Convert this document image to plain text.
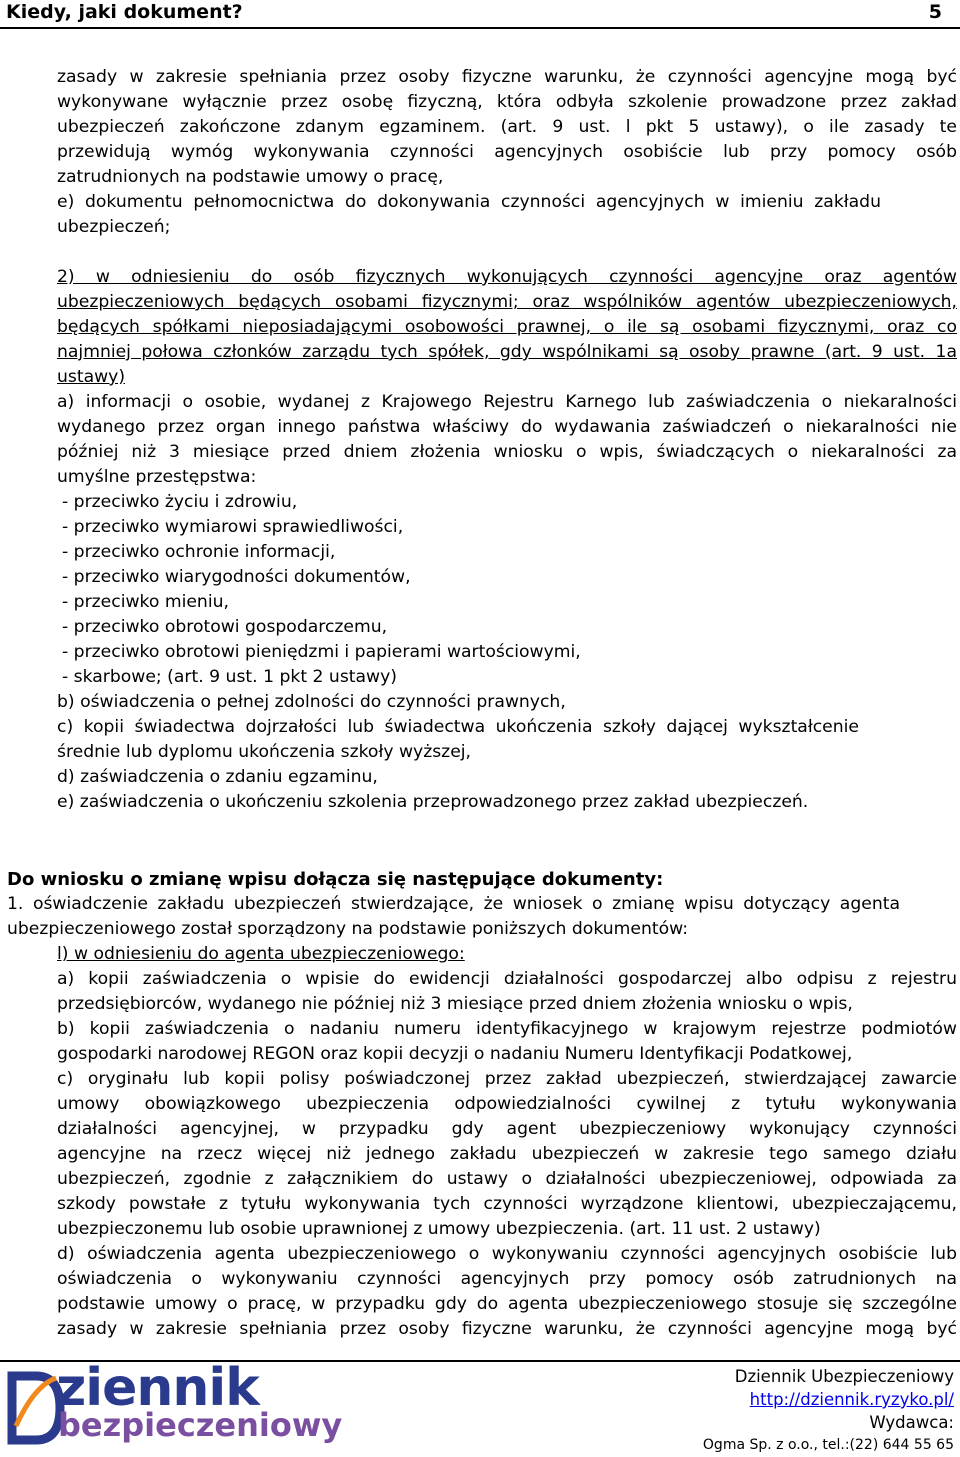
Kiedy, jaki dokument?	5
zasady w zakresie spełniania przez osoby fizyczne warunku, że czynności agencyjne mogą być
wykonywane wyłącznie przez osobę fizyczną, która odbyła szkolenie prowadzone przez zakład
ubezpieczeń zakończone zdanym egzaminem. (art. 9 ust. l pkt 5 ustawy), o ile zasady te
przewidują wymóg wykonywania czynności agencyjnych osobiście lub przy pomocy osób
zatrudnionych na podstawie umowy o pracę,
e) dokumentu pełnomocnictwa do dokonywania czynności agencyjnych w imieniu zakładu
ubezpieczeń;
2) w odniesieniu do osób fizycznych wykonujących czynności agencyjne oraz agentów
ubezpieczeniowych będących osobami fizycznymi; oraz wspólników agentów ubezpieczeniowych,
będących spółkami nieposiadającymi osobowości prawnej, o ile są osobami fizycznymi, oraz co
najmniej połowa członków zarządu tych spółek, gdy wspólnikami są osoby prawne (art. 9 ust. 1a
ustawy)
a) informacji o osobie, wydanej z Krajowego Rejestru Karnego lub zaświadczenia o niekaralności
wydanego przez organ innego państwa właściwy do wydawania zaświadczeń o niekaralności nie
później niż 3 miesiące przed dniem złożenia wniosku o wpis, świadczących o niekaralności za
umyślne przestępstwa:
- przeciwko życiu i zdrowiu,
- przeciwko wymiarowi sprawiedliwości,
- przeciwko ochronie informacji,
- przeciwko wiarygodności dokumentów,
- przeciwko mieniu,
- przeciwko obrotowi gospodarczemu,
- przeciwko obrotowi pieniędzmi i papierami wartościowymi,
- skarbowe; (art. 9 ust. 1 pkt 2 ustawy)
b) oświadczenia o pełnej zdolności do czynności prawnych,
c) kopii świadectwa dojrzałości lub świadectwa ukończenia szkoły dającej wykształcenie
średnie lub dyplomu ukończenia szkoły wyższej,
d) zaświadczenia o zdaniu egzaminu,
e) zaświadczenia o ukończeniu szkolenia przeprowadzonego przez zakład ubezpieczeń.
Do wniosku o zmianę wpisu dołącza się następujące dokumenty:
1. oświadczenie zakładu ubezpieczeń stwierdzające, że wniosek o zmianę wpisu dotyczący agenta
ubezpieczeniowego został sporządzony na podstawie poniższych dokumentów:
l) w odniesieniu do agenta ubezpieczeniowego:
a) kopii zaświadczenia o wpisie do ewidencji działalności gospodarczej albo odpisu z rejestru
przedsiębiorców, wydanego nie później niż 3 miesiące przed dniem złożenia wniosku o wpis,
b) kopii zaświadczenia o nadaniu numeru identyfikacyjnego w krajowym rejestrze podmiotów
gospodarki narodowej REGON oraz kopii decyzji o nadaniu Numeru Identyfikacji Podatkowej,
c) oryginału lub kopii polisy poświadczonej przez zakład ubezpieczeń, stwierdzającej zawarcie
umowy obowiązkowego ubezpieczenia odpowiedzialności cywilnej z tytułu wykonywania
działalności agencyjnej, w przypadku gdy agent ubezpieczeniowy wykonujący czynności
agencyjne na rzecz więcej niż jednego zakładu ubezpieczeń w zakresie tego samego działu
ubezpieczeń, zgodnie z załącznikiem do ustawy o działalności ubezpieczeniowej, odpowiada za
szkody powstałe z tytułu wykonywania tych czynności wyrządzone klientowi, ubezpieczającemu,
ubezpieczonemu lub osobie uprawnionej z umowy ubezpieczenia. (art. 11 ust. 2 ustawy)
d) oświadczenia agenta ubezpieczeniowego o wykonywaniu czynności agencyjnych osobiście lub
oświadczenia o wykonywaniu czynności agencyjnych przy pomocy osób zatrudnionych na
podstawie umowy o pracę, w przypadku gdy do agenta ubezpieczeniowego stosuje się szczególne
zasady w zakresie spełniania przez osoby fizyczne warunku, że czynności agencyjne mogą być
ziennik
bezpieczeniowy
Dziennik Ubezpieczeniowy
http://dziennik.ryzyko.pl/
Wydawca:
Ogma Sp. z o.o., tel.:(22) 644 55 65
